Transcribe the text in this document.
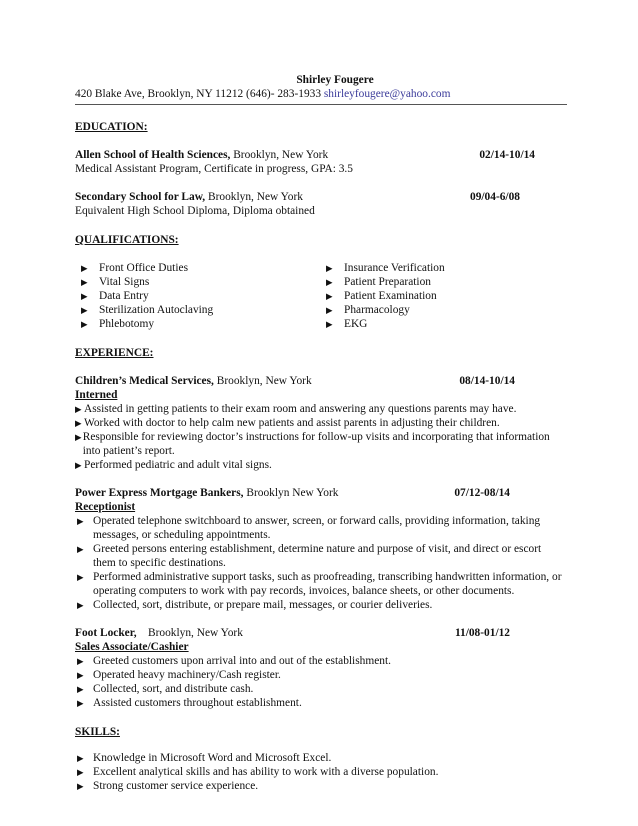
Shirley Fougere
420 Blake Ave, Brooklyn, NY 11212 (646)- 283-1933 shirleyfougere@yahoo.com
EDUCATION:
Allen School of Health Sciences, Brooklyn, New York	02/14-10/14
Medical Assistant Program, Certificate in progress, GPA: 3.5
Secondary School for Law, Brooklyn, New York	09/04-6/08
Equivalent High School Diploma, Diploma obtained
QUALIFICATIONS:
▶	Front Office Duties
▶	Vital Signs
▶	Data Entry
▶	Sterilization Autoclaving
▶	Phlebotomy
▶	Insurance Verification
▶	Patient Preparation
▶	Patient Examination
▶	Pharmacology
▶	EKG
EXPERIENCE:
Children’s Medical Services, Brooklyn, New York	08/14-10/14
Interned
▶ Assisted in getting patients to their exam room and answering any questions parents may have.
▶ Worked with doctor to help calm new patients and assist parents in adjusting their children.
▶ Responsible for reviewing doctor’s instructions for follow-up visits and incorporating that information into patient’s report.
▶ Performed pediatric and adult vital signs.
Power Express Mortgage Bankers, Brooklyn New York	07/12-08/14
Receptionist
▶ Operated telephone switchboard to answer, screen, or forward calls, providing information, taking messages, or scheduling appointments.
▶ Greeted persons entering establishment, determine nature and purpose of visit, and direct or escort them to specific destinations.
▶ Performed administrative support tasks, such as proofreading, transcribing handwritten information, or operating computers to work with pay records, invoices, balance sheets, or other documents.
▶ Collected, sort, distribute, or prepare mail, messages, or courier deliveries.
Foot Locker,    Brooklyn, New York	11/08-01/12
Sales Associate/Cashier
▶ Greeted customers upon arrival into and out of the establishment.
▶ Operated heavy machinery/Cash register.
▶ Collected, sort, and distribute cash.
▶ Assisted customers throughout establishment.
SKILLS:
▶ Knowledge in Microsoft Word and Microsoft Excel.
▶ Excellent analytical skills and has ability to work with a diverse population.
▶ Strong customer service experience.
